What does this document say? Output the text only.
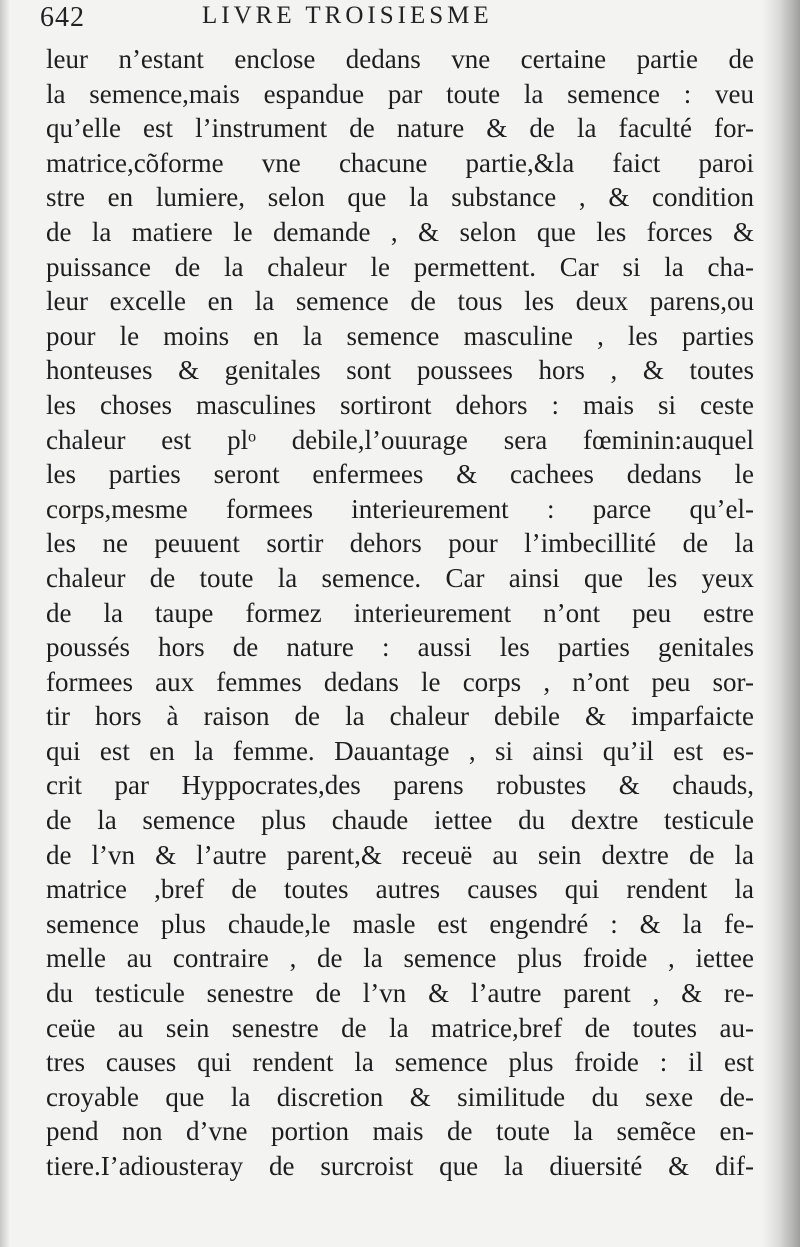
642	LIVRE TROISIESME
leur n’estant enclose dedans vne certaine partie de
la semence,mais espandue par toute la semence : veu
qu’elle est l’instrument de nature & de la faculté for-
matrice,cõforme vne chacune partie,&la faict paroi
stre en lumiere, selon que la substance , & condition
de la matiere le demande , & selon que les forces &
puissance de la chaleur le permettent. Car si la cha-
leur excelle en la semence de tous les deux parens,ou
pour le moins en la semence masculine , les parties
honteuses & genitales sont poussees hors , & toutes
les choses masculines sortiront dehors : mais si ceste
chaleur est plᵒ debile,l’ouurage sera fœminin:auquel
les parties seront enfermees & cachees dedans le
corps,mesme formees interieurement : parce qu’el-
les ne peuuent sortir dehors pour l’imbecillité de la
chaleur de toute la semence. Car ainsi que les yeux
de la taupe formez interieurement n’ont peu estre
poussés hors de nature : aussi les parties genitales
formees aux femmes dedans le corps , n’ont peu sor-
tir hors à raison de la chaleur debile & imparfaicte
qui est en la femme. Dauantage , si ainsi qu’il est es-
crit par Hyppocrates,des parens robustes & chauds,
de la semence plus chaude iettee du dextre testicule
de l’vn & l’autre parent,& receuë au sein dextre de la
matrice ,bref de toutes autres causes qui rendent la
semence plus chaude,le masle est engendré : & la fe-
melle au contraire , de la semence plus froide , iettee
du testicule senestre de l’vn & l’autre parent , & re-
ceüe au sein senestre de la matrice,bref de toutes au-
tres causes qui rendent la semence plus froide : il est
croyable que la discretion & similitude du sexe de-
pend non d’vne portion mais de toute la semẽce en-
tiere.I’adiousteray de surcroist que la diuersité & dif-
